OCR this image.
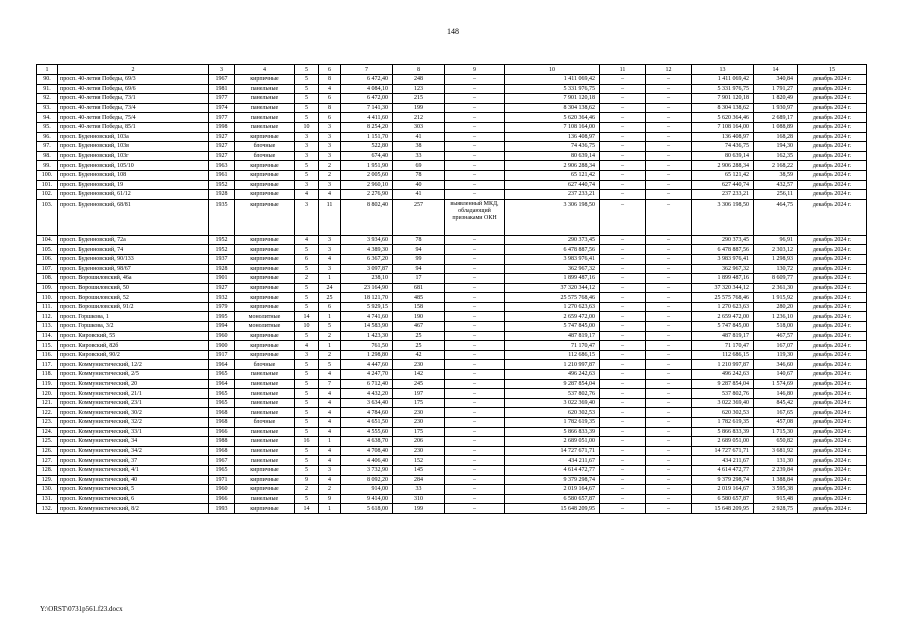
148
1	2	3	4	5	6	7	8	9	10	11	12	13	14	15
90.	просп. 40-летия Победы, 69/3	1967	кирпичные	5	8	6 472,40	248	–	1 411 069,42	–	–	1 411 069,42	340,84	декабрь 2024 г.
91.	просп. 40-летия Победы, 69/6	1981	панельные	5	4	4 084,10	123	–	5 331 976,75	–	–	5 331 976,75	1 791,27	декабрь 2024 г.
92.	просп. 40-летия Победы, 73/1	1977	панельные	5	6	6 472,00	215	–	7 901 120,18	–	–	7 901 120,18	1 820,49	декабрь 2024 г.
93.	просп. 40-летия Победы, 73/4	1974	панельные	5	8	7 141,30	199	–	8 304 138,62	–	–	8 304 138,62	1 930,97	декабрь 2024 г.
94.	просп. 40-летия Победы, 75/4	1977	панельные	5	6	4 411,60	212	–	5 620 364,46	–	–	5 620 364,46	2 689,17	декабрь 2024 г.
95.	просп. 40-летия Победы, 85/1	1998	панельные	10	3	8 254,20	303	–	7 108 164,00	–	–	7 108 164,00	1 088,89	декабрь 2024 г.
96.	просп. Буденновский, 103а	1927	кирпичные	3	3	1 151,70	41	–	136 408,97	–	–	136 408,97	168,28	декабрь 2024 г.
97.	просп. Буденновский, 103в	1927	блочные	3	3	522,80	38	–	74 436,75	–	–	74 436,75	194,30	декабрь 2024 г.
98.	просп. Буденновский, 103г	1927	блочные	3	3	674,40	33	–	80 639,14	–	–	80 639,14	162,35	декабрь 2024 г.
99.	просп. Буденновский, 105/10	1963	кирпичные	5	2	1 951,90	69	–	2 906 288,34	–	–	2 906 288,34	2 168,22	декабрь 2024 г.
100.	просп. Буденновский, 108	1961	кирпичные	5	2	2 005,60	78	–	65 121,42	–	–	65 121,42	38,59	декабрь 2024 г.
101.	просп. Буденновский, 19	1952	кирпичные	3	3	2 960,10	40	–	627 440,74	–	–	627 440,74	432,57	декабрь 2024 г.
102.	просп. Буденновский, 61/12	1928	кирпичные	4	4	2 276,90	41	–	237 233,21	–	–	237 233,21	256,11	декабрь 2024 г.
103.	просп. Буденновский, 68/81	1935	кирпичные	3	11	8 802,40	257	выявленный МКД, обладающий признаками ОКН	3 306 198,50	–	–	3 306 198,50	464,75	декабрь 2024 г.
104.	просп. Буденновский, 72а	1952	кирпичные	4	3	3 934,60	78	–	290 373,45	–	–	290 373,45	96,91	декабрь 2024 г.
105.	просп. Буденновский, 74	1952	кирпичные	5	3	4 389,30	94	–	6 478 887,56	–	–	6 478 887,56	2 303,12	декабрь 2024 г.
106.	просп. Буденновский, 90/133	1937	кирпичные	6	4	6 367,20	99	–	3 983 976,41	–	–	3 983 976,41	1 298,93	декабрь 2024 г.
107.	просп. Буденновский, 98/67	1928	кирпичные	5	3	3 097,87	94	–	362 967,32	–	–	362 967,32	130,72	декабрь 2024 г.
108.	просп. Ворошиловский, 46а	1901	кирпичные	2	1	238,10	17	–	1 899 487,16	–	–	1 899 487,16	8 609,77	декабрь 2024 г.
109.	просп. Ворошиловский, 50	1927	кирпичные	5	24	23 164,90	681	–	37 320 344,12	–	–	37 320 344,12	2 361,30	декабрь 2024 г.
110.	просп. Ворошиловский, 52	1932	кирпичные	5	25	18 121,70	485	–	25 575 768,46	–	–	25 575 768,46	1 915,92	декабрь 2024 г.
111.	просп. Ворошиловский, 91/2	1979	кирпичные	5	6	5 929,15	158	–	1 270 623,63	–	–	1 270 623,63	280,20	декабрь 2024 г.
112.	просп. Горшкова, 1	1995	монолитные	14	1	4 741,60	190	–	2 659 472,00	–	–	2 659 472,00	1 236,10	декабрь 2024 г.
113.	просп. Горшкова, 3/2	1994	монолитные	10	5	14 583,90	467	–	5 747 845,00	–	–	5 747 845,00	518,00	декабрь 2024 г.
114.	просп. Кировский, 55	1960	кирпичные	5	2	1 423,30	25	–	487 819,17	–	–	487 819,17	467,57	декабрь 2024 г.
115.	просп. Кировский, 82б	1900	кирпичные	4	1	761,50	25	–	71 170,47	–	–	71 170,47	167,07	декабрь 2024 г.
116.	просп. Кировский, 90/2	1917	кирпичные	3	2	1 298,80	42	–	112 686,15	–	–	112 686,15	119,30	декабрь 2024 г.
117.	просп. Коммунистический, 12/2	1964	блочные	5	5	4 447,60	230	–	1 210 997,87	–	–	1 210 997,87	346,60	декабрь 2024 г.
118.	просп. Коммунистический, 2/5	1965	панельные	5	4	4 247,70	142	–	496 242,63	–	–	496 242,63	140,67	декабрь 2024 г.
119.	просп. Коммунистический, 20	1964	панельные	5	7	6 712,40	245	–	9 287 854,04	–	–	9 287 854,04	1 574,69	декабрь 2024 г.
120.	просп. Коммунистический, 21/1	1965	панельные	5	4	4 432,20	197	–	537 802,76	–	–	537 802,76	146,80	декабрь 2024 г.
121.	просп. Коммунистический, 23/1	1965	панельные	5	4	3 634,40	175	–	3 022 369,40	–	–	3 022 369,40	845,42	декабрь 2024 г.
122.	просп. Коммунистический, 30/2	1968	панельные	5	4	4 784,60	230	–	620 302,53	–	–	620 302,53	167,65	декабрь 2024 г.
123.	просп. Коммунистический, 32/2	1968	блочные	5	4	4 651,50	230	–	1 782 619,35	–	–	1 782 619,35	457,08	декабрь 2024 г.
124.	просп. Коммунистический, 33/1	1966	панельные	5	4	4 555,60	175	–	5 866 833,39	–	–	5 866 833,39	1 715,30	декабрь 2024 г.
125.	просп. Коммунистический, 34	1988	панельные	16	1	4 638,70	206	–	2 689 051,00	–	–	2 689 051,00	650,82	декабрь 2024 г.
126.	просп. Коммунистический, 34/2	1968	панельные	5	4	4 708,40	230	–	14 727 671,71	–	–	14 727 671,71	3 681,92	декабрь 2024 г.
127.	просп. Коммунистический, 37	1967	панельные	5	4	4 406,40	152	–	434 211,67	–	–	434 211,67	131,30	декабрь 2024 г.
128.	просп. Коммунистический, 4/1	1965	кирпичные	5	3	3 732,90	145	–	4 614 472,77	–	–	4 614 472,77	2 239,84	декабрь 2024 г.
129.	просп. Коммунистический, 40	1971	кирпичные	9	4	8 092,20	284	–	9 379 298,74	–	–	9 379 298,74	1 388,84	декабрь 2024 г.
130.	просп. Коммунистический, 5	1960	кирпичные	2	2	914,00	33	–	2 019 164,67	–	–	2 019 164,67	3 595,38	декабрь 2024 г.
131.	просп. Коммунистический, 6	1966	панельные	5	9	9 414,00	310	–	6 580 657,87	–	–	6 580 657,87	915,48	декабрь 2024 г.
132.	просп. Коммунистический, 8/2	1993	кирпичные	14	1	5 618,00	199	–	15 648 209,95	–	–	15 648 209,95	2 928,75	декабрь 2024 г.
Y:\ORST\0731p561.f23.docx
